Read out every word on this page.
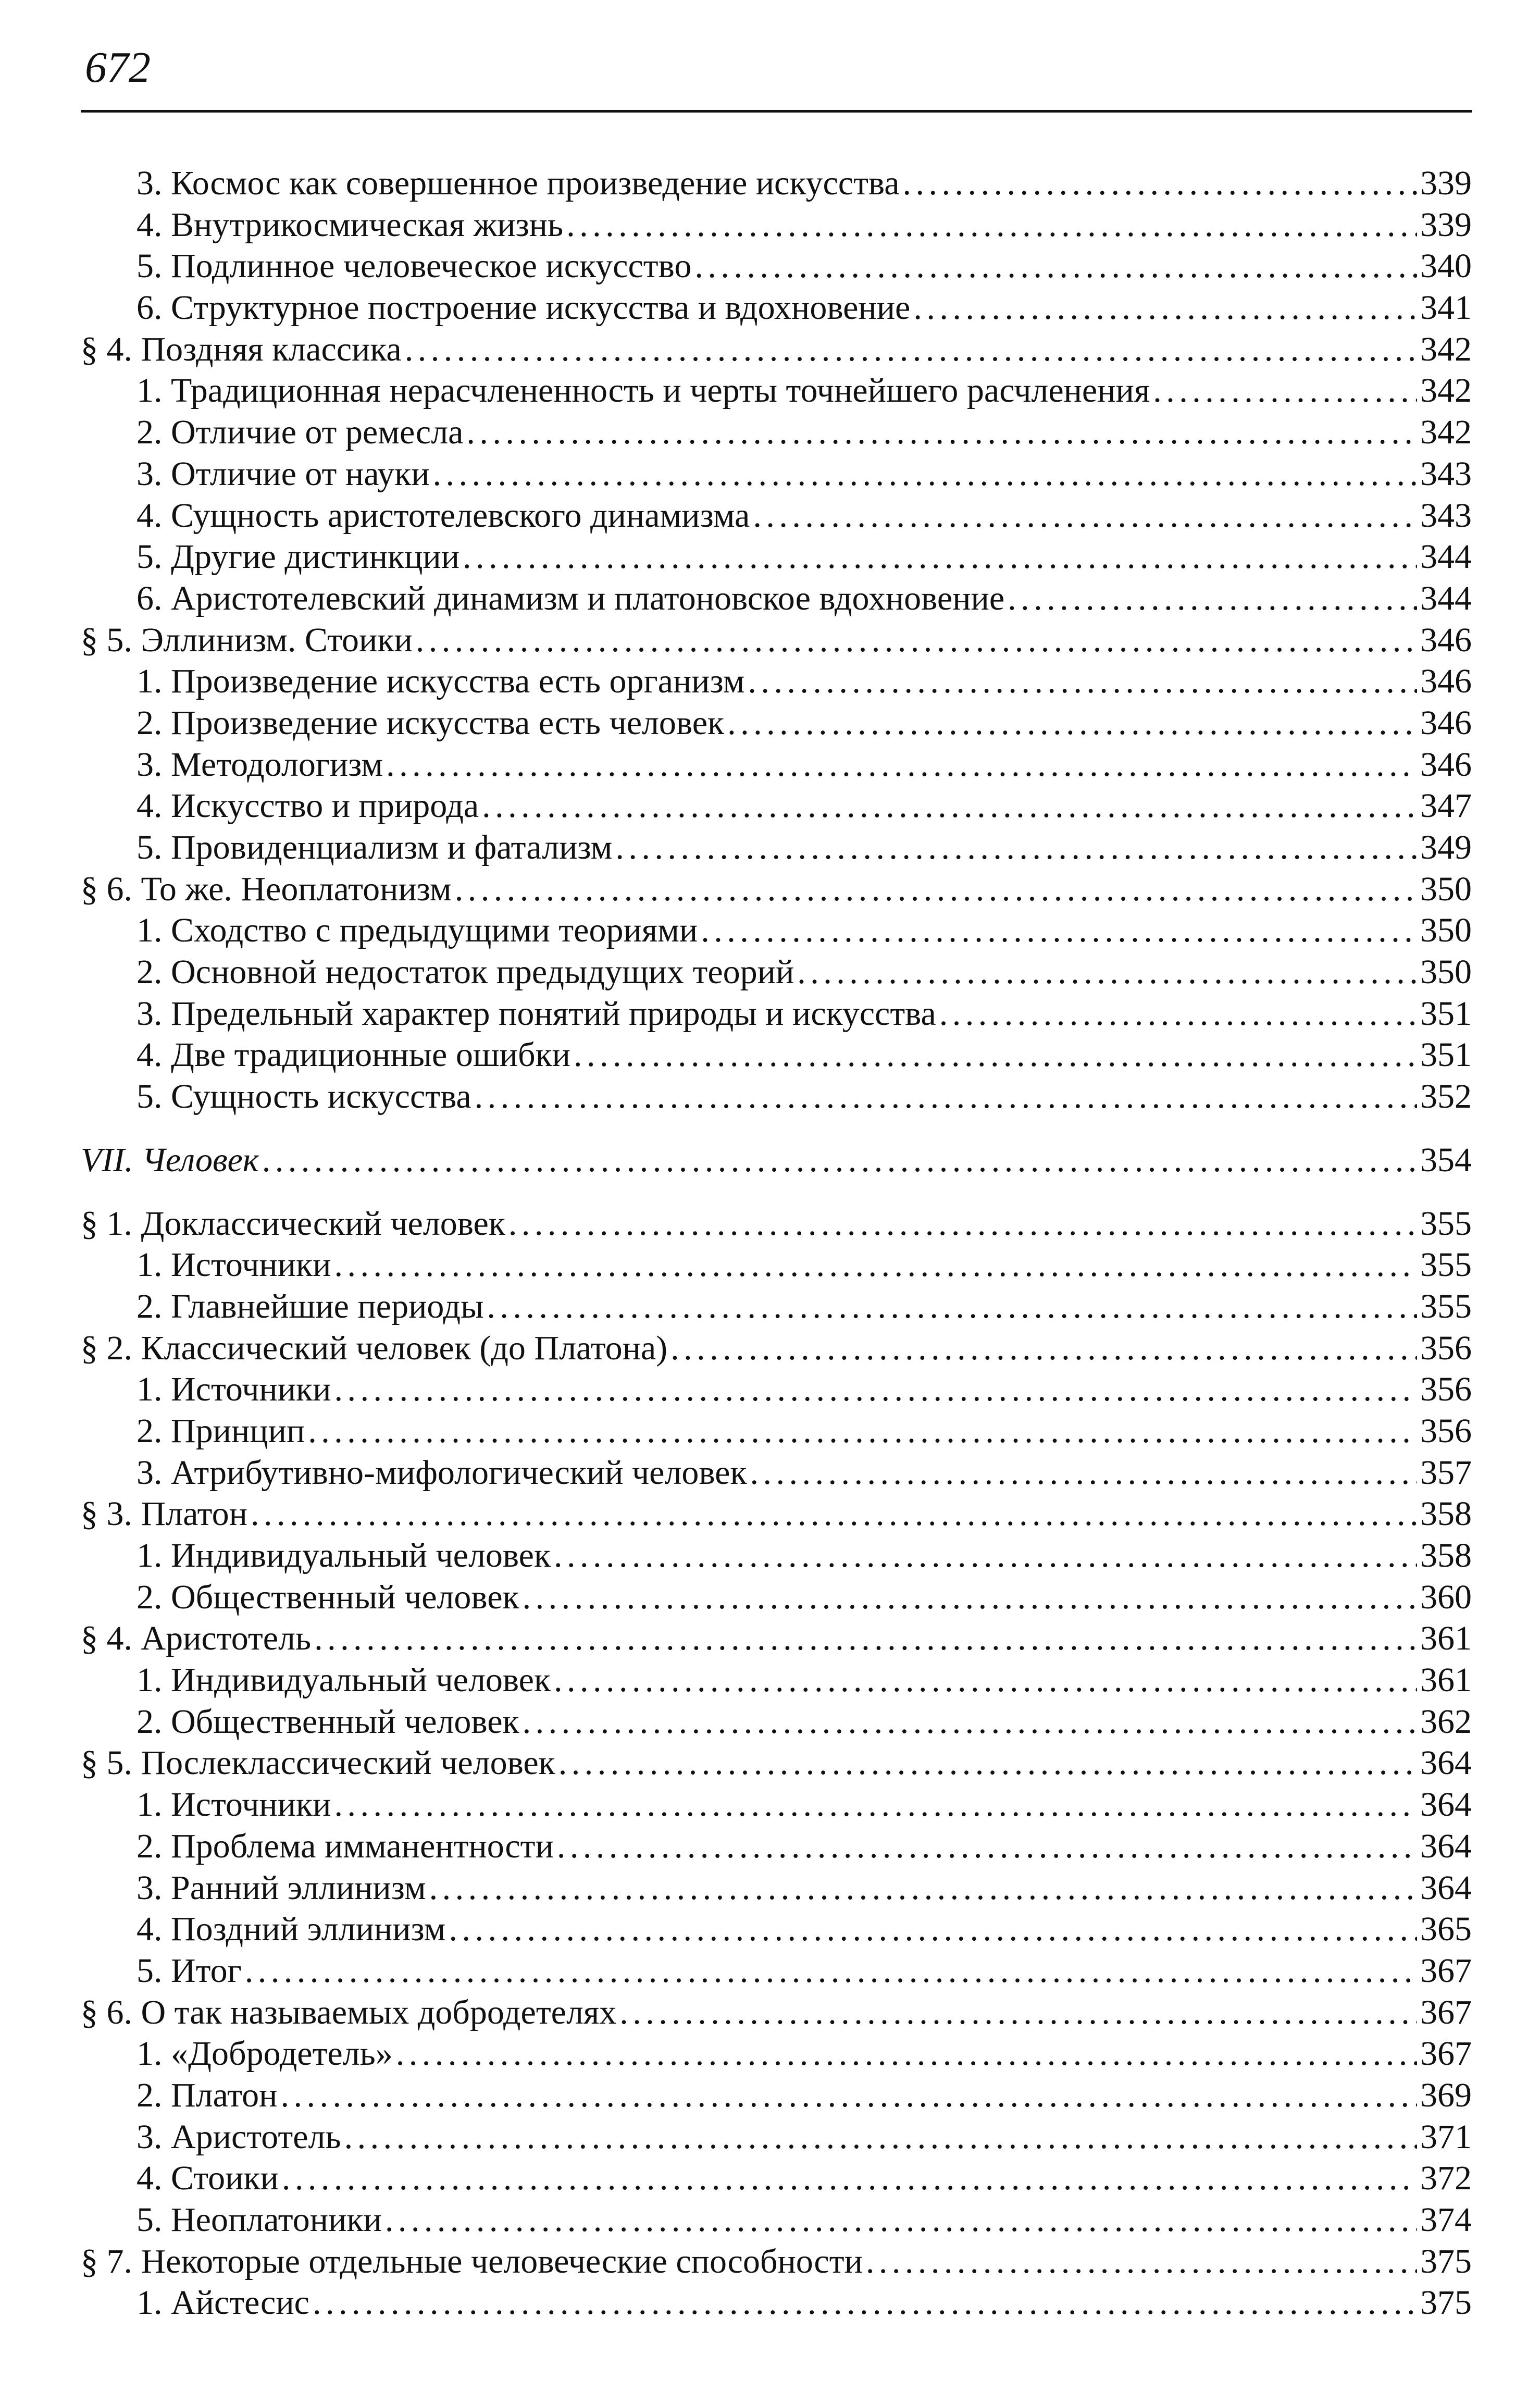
672
3. Космос как совершенное произведение искусства . . .	339
4. Внутрикосмическая жизнь . . .	339
5. Подлинное человеческое искусство . . .	340
6. Структурное построение искусства и вдохновение . . .	341
§ 4. Поздняя классика . . .	342
1. Традиционная нерасчлененность и черты точнейшего расчленения . . .	342
2. Отличие от ремесла . . .	342
3. Отличие от науки . . .	343
4. Сущность аристотелевского динамизма . . .	343
5. Другие дистинкции . . .	344
6. Аристотелевский динамизм и платоновское вдохновение . . .	344
§ 5. Эллинизм. Стоики . . .	346
1. Произведение искусства есть организм . . .	346
2. Произведение искусства есть человек . . .	346
3. Методологизм . . .	346
4. Искусство и природа . . .	347
5. Провиденциализм и фатализм . . .	349
§ 6. То же. Неоплатонизм . . .	350
1. Сходство с предыдущими теориями . . .	350
2. Основной недостаток предыдущих теорий . . .	350
3. Предельный характер понятий природы и искусства . . .	351
4. Две традиционные ошибки . . .	351
5. Сущность искусства . . .	352
VII. Человек . . .	354
§ 1. Доклассический человек . . .	355
1. Источники . . .	355
2. Главнейшие периоды . . .	355
§ 2. Классический человек (до Платона) . . .	356
1. Источники . . .	356
2. Принцип . . .	356
3. Атрибутивно-мифологический человек . . .	357
§ 3. Платон . . .	358
1. Индивидуальный человек . . .	358
2. Общественный человек . . .	360
§ 4. Аристотель . . .	361
1. Индивидуальный человек . . .	361
2. Общественный человек . . .	362
§ 5. Послеклассический человек . . .	364
1. Источники . . .	364
2. Проблема имманентности . . .	364
3. Ранний эллинизм . . .	364
4. Поздний эллинизм . . .	365
5. Итог . . .	367
§ 6. О так называемых добродетелях . . .	367
1. «Добродетель» . . .	367
2. Платон . . .	369
3. Аристотель . . .	371
4. Стоики . . .	372
5. Неоплатоники . . .	374
§ 7. Некоторые отдельные человеческие способности . . .	375
1. Айстесис . . .	375
